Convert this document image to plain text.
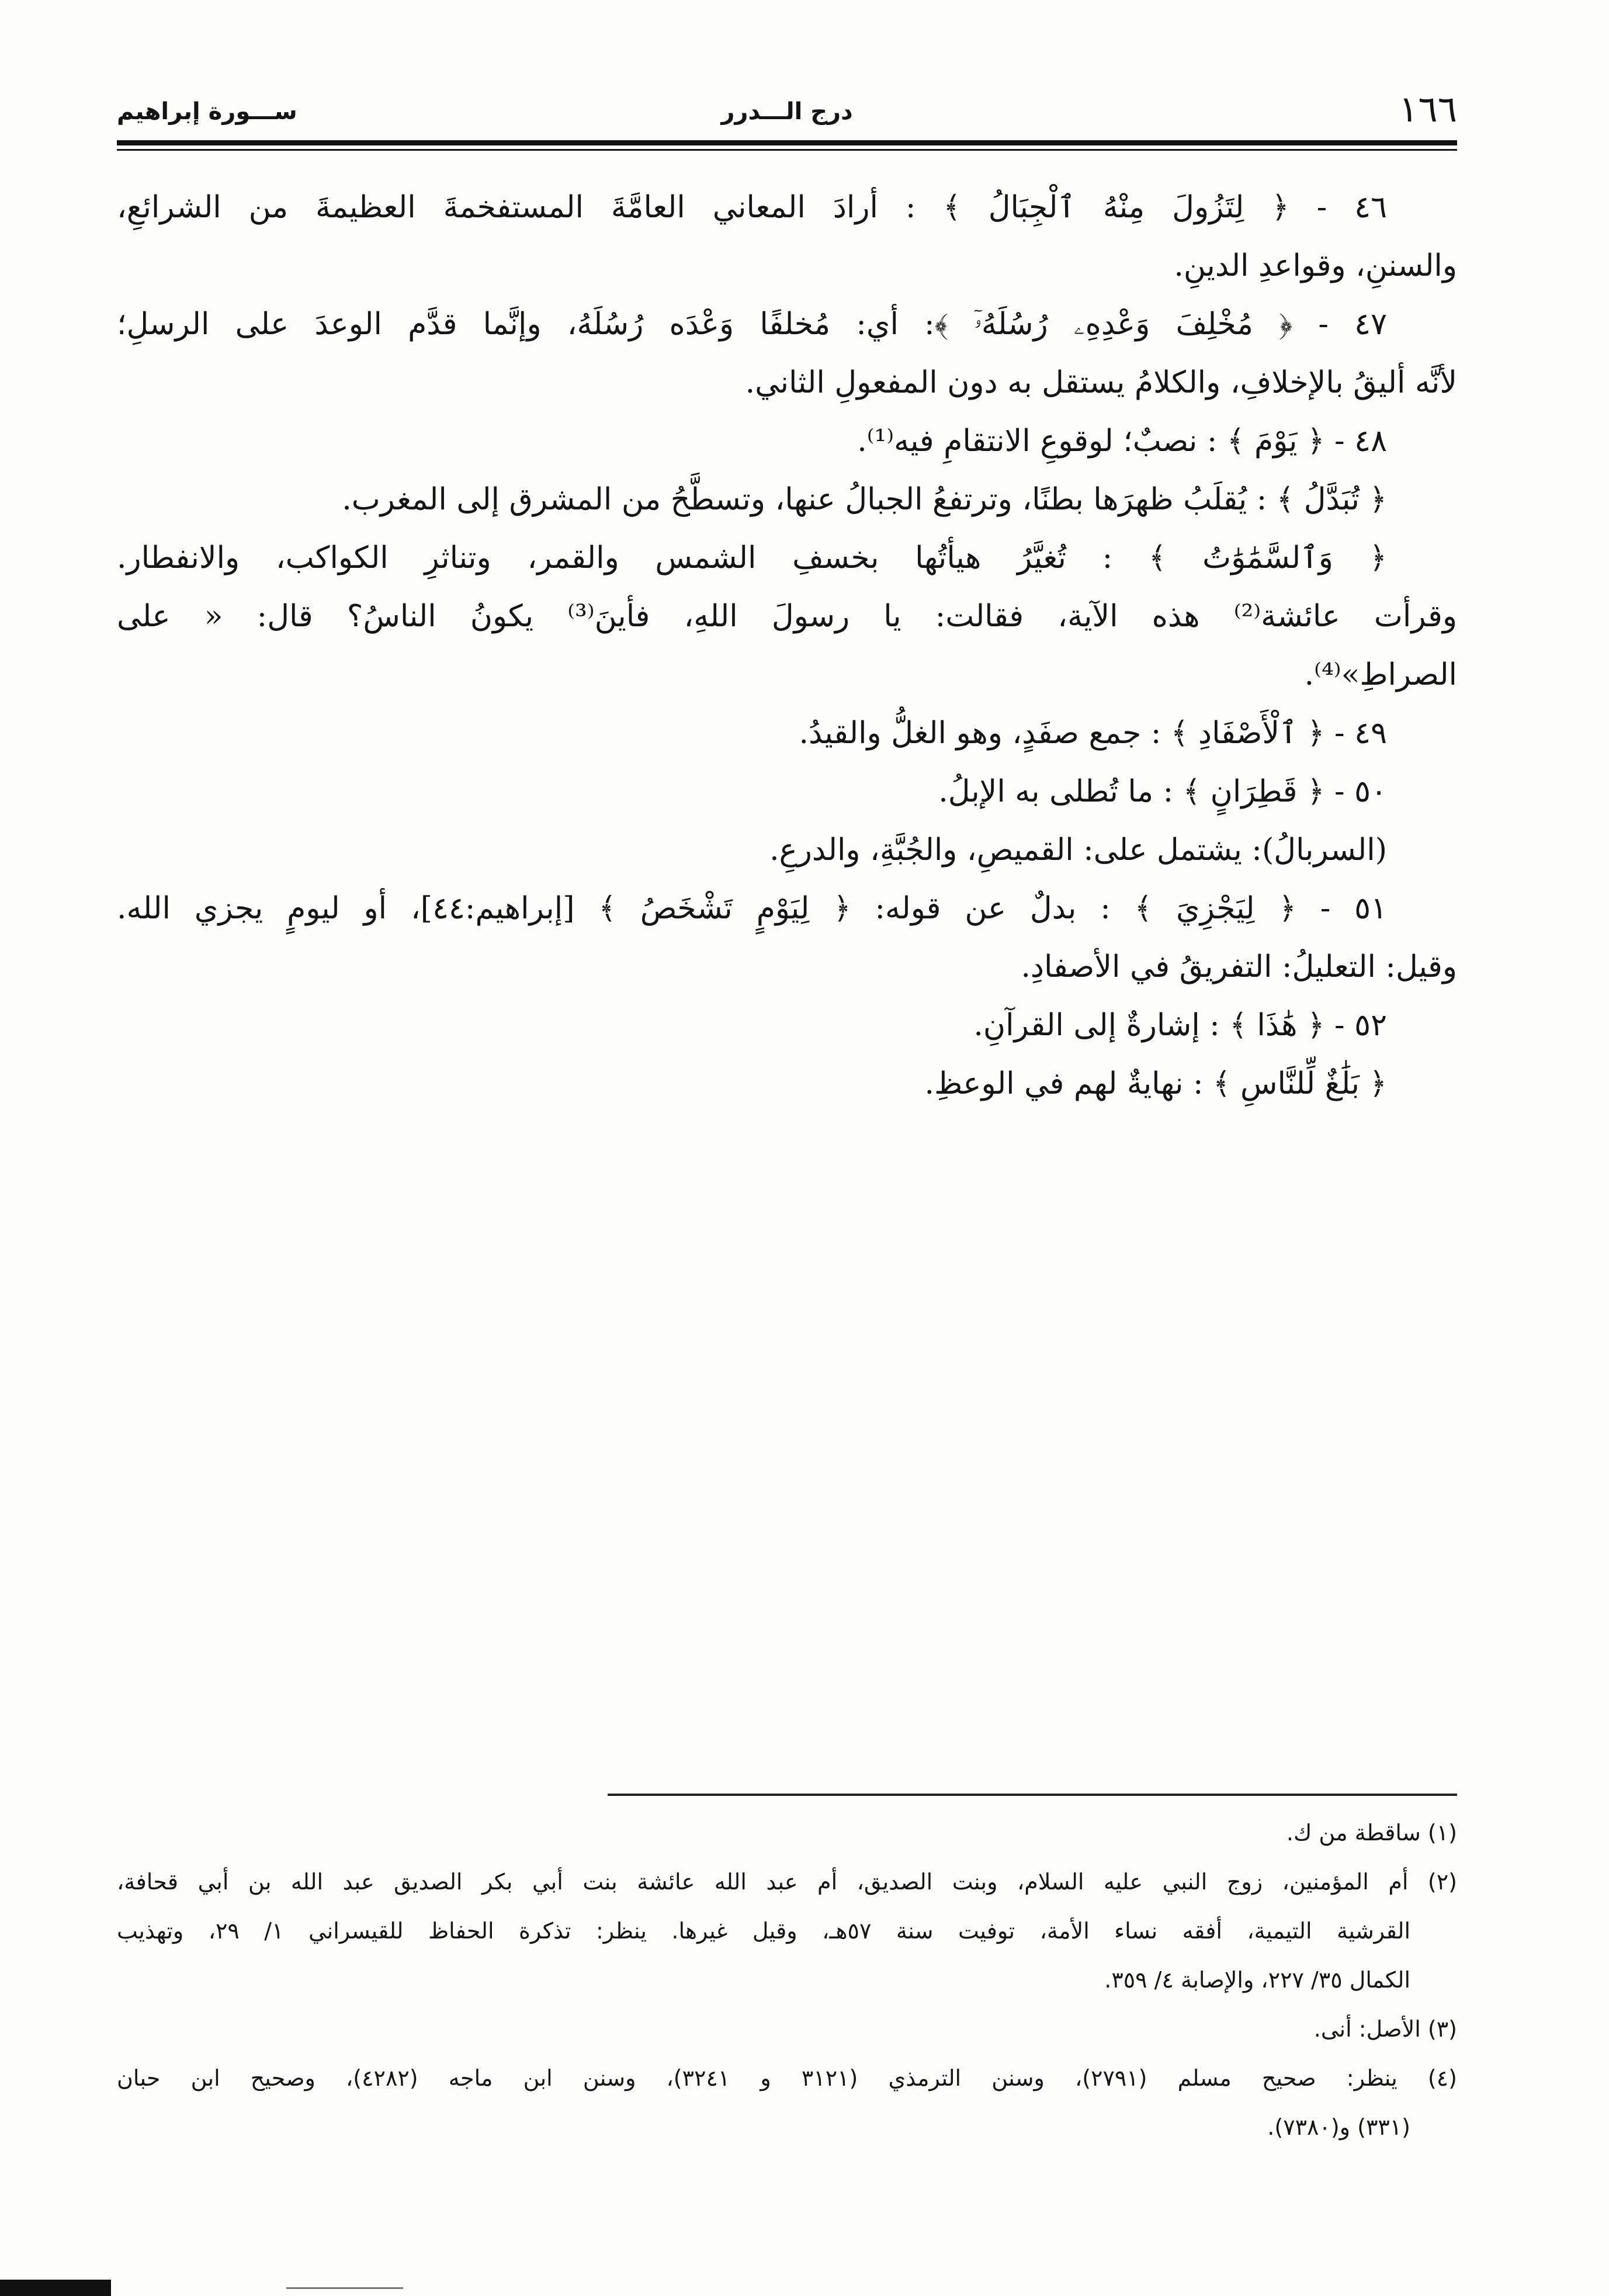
١٦٦
درج الـــدرر
ســـورة إبراهيم
٤٦ - ﴿ لِتَزُولَ مِنْهُ ٱلْجِبَالُ ﴾ : أرادَ المعاني العامَّةَ المستفخمةَ العظيمةَ من الشرائعِ،
والسننِ، وقواعدِ الدينِ.
٤٧ - ﴿ مُخْلِفَ وَعْدِهِۦ رُسُلَهُۥٓ ﴾: أي: مُخلفًا وَعْدَه رُسُلَهُ، وإنَّما قدَّم الوعدَ على الرسلِ؛
لأنَّه أليقُ بالإخلافِ، والكلامُ يستقل به دون المفعولِ الثاني.
٤٨ - ﴿ يَوْمَ ﴾ : نصبٌ؛ لوقوعِ الانتقامِ فيه⁽¹⁾.
﴿ تُبَدَّلُ ﴾ : يُقلَبُ ظهرَها بطنًا، وترتفعُ الجبالُ عنها، وتسطَّحُ من المشرق إلى المغرب.
﴿ وَٱلسَّمَٰوَٰتُ ﴾ : تُغيَّرُ هيأتُها بخسفِ الشمس والقمر، وتناثرِ الكواكب، والانفطار.
وقرأت عائشة⁽²⁾ هذه الآية، فقالت: يا رسولَ اللهِ، فأينَ⁽³⁾ يكونُ الناسُ؟ قال: « على
الصراطِ»⁽⁴⁾.
٤٩ - ﴿ ٱلْأَصْفَادِ ﴾ : جمع صفَدٍ، وهو الغلُّ والقيدُ.
٥٠ - ﴿ قَطِرَانٍ ﴾ : ما تُطلى به الإبلُ.
(السربالُ): يشتمل على: القميصِ، والجُبَّةِ، والدرعِ.
٥١ - ﴿ لِيَجْزِيَ ﴾ : بدلٌ عن قوله: ﴿ لِيَوْمٍ تَشْخَصُ ﴾ [إبراهيم:٤٤]، أو ليومٍ يجزي الله.
وقيل: التعليلُ: التفريقُ في الأصفادِ.
٥٢ - ﴿ هَٰذَا ﴾ : إشارةٌ إلى القرآنِ.
﴿ بَلَٰغٌ لِّلنَّاسِ ﴾ : نهايةٌ لهم في الوعظِ.
(١) ساقطة من ك.
(٢) أم المؤمنين، زوج النبي عليه السلام، وبنت الصديق، أم عبد الله عائشة بنت أبي بكر الصديق عبد الله بن أبي قحافة،
القرشية التيمية، أفقه نساء الأمة، توفيت سنة ٥٧هـ، وقيل غيرها. ينظر: تذكرة الحفاظ للقيسراني ١/ ٢٩، وتهذيب
الكمال ٣٥/ ٢٢٧، والإصابة ٤/ ٣٥٩.
(٣) الأصل: أنى.
(٤) ينظر: صحيح مسلم (٢٧٩١)، وسنن الترمذي (٣١٢١ و ٣٢٤١)، وسنن ابن ماجه (٤٢٨٢)، وصحيح ابن حبان
(٣٣١) و(٧٣٨٠).
